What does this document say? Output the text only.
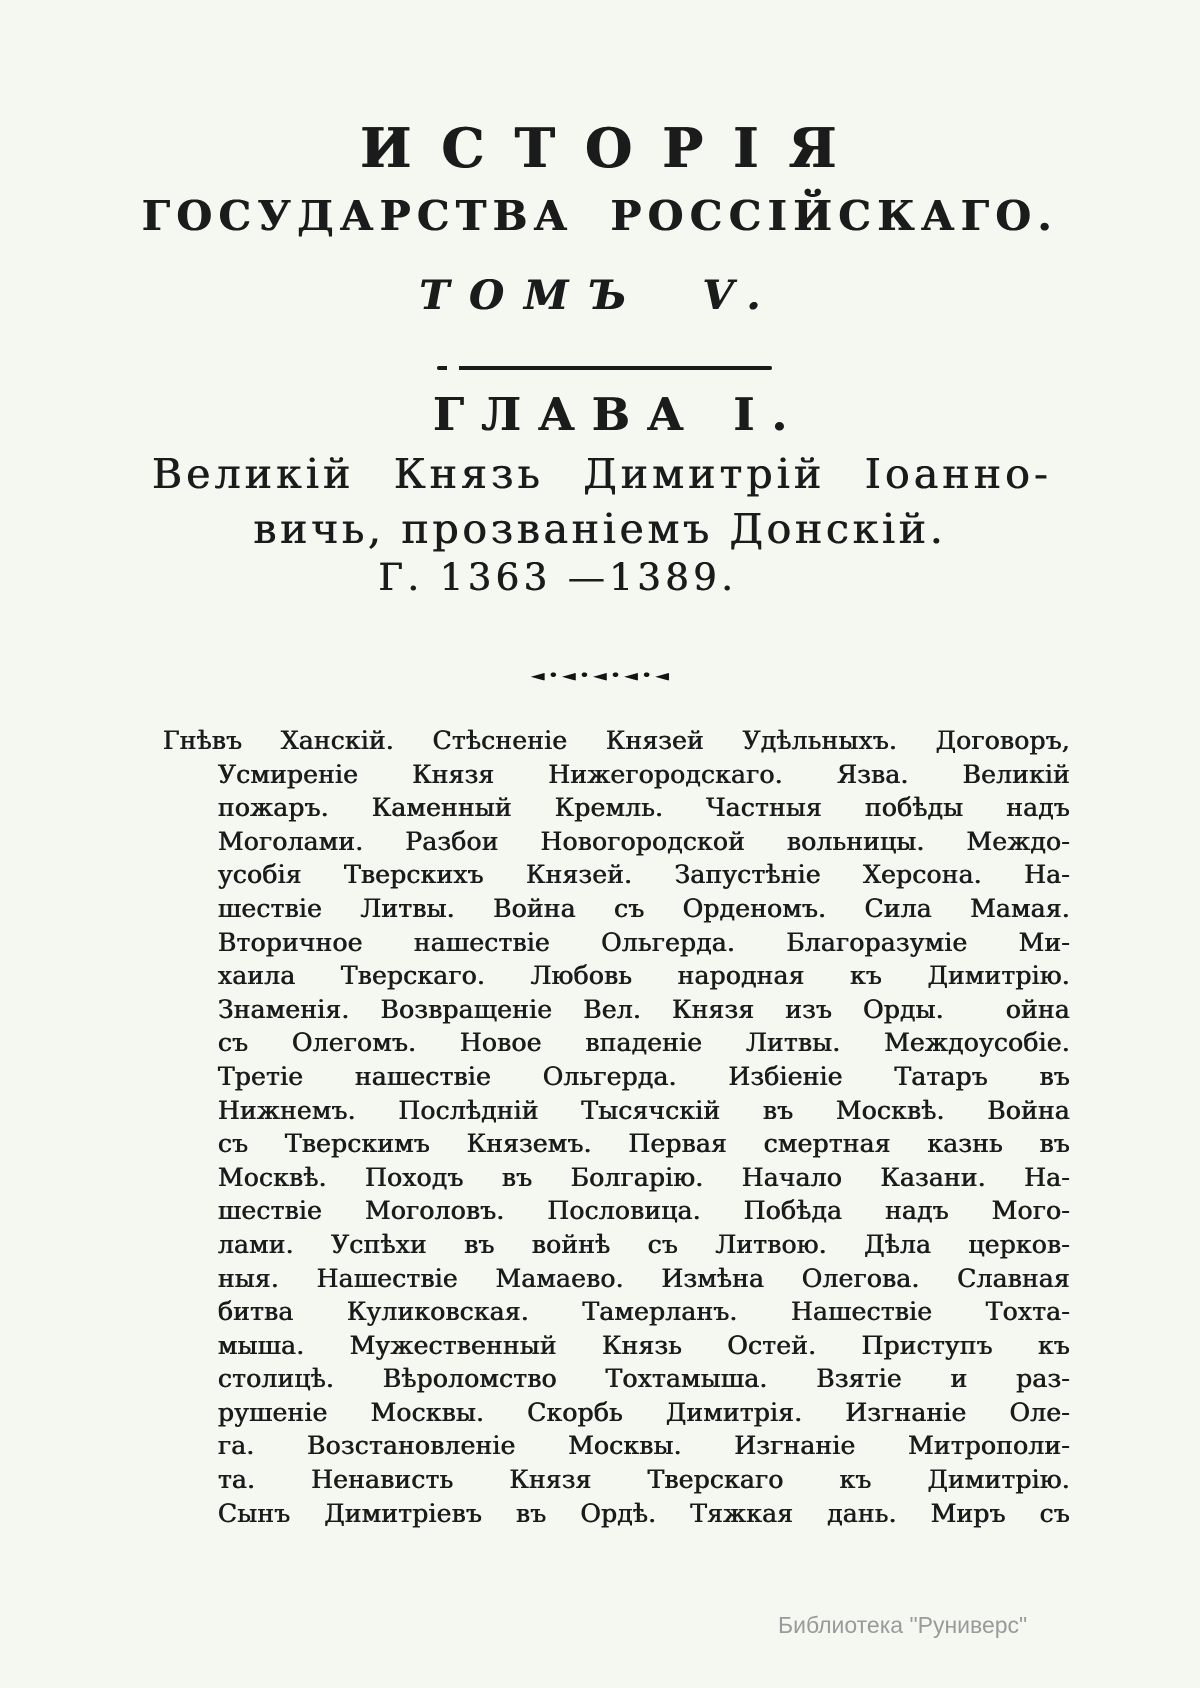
ИСТОРІЯ
ГОСУДАРСТВА РОССІЙСКАГО.
ТОМЪ V.
ГЛАВА I.
Великій Князь Димитрій Іоанно-
вичь, прозваніемъ Донскій.
Г. 1363 —1389.
◄•◄•◄•◄•◄
Гнѣвъ Ханскій. Стѣсненіе Князей Удѣльныхъ. Договоръ,
Усмиреніе Князя Нижегородскаго. Язва. Великій
пожаръ. Каменный Кремль. Частныя побѣды надъ
Моголами. Разбои Новогородской вольницы. Междо-
усобія Тверскихъ Князей. Запустѣніе Херсона. На-
шествіе Литвы. Война съ Орденомъ. Сила Мамая.
Вторичное нашествіе Ольгерда. Благоразуміе Ми-
хаила Тверскаго. Любовь народная къ Димитрію.
Знаменія. Возвращеніе Вел. Князя изъ Орды.  ойна
съ Олегомъ. Новое впаденіе Литвы. Междоусобіе.
Третіе нашествіе Ольгерда. Избіеніе Татаръ въ
Нижнемъ. Послѣдній Тысячскій въ Москвѣ. Война
съ Тверскимъ Княземъ. Первая смертная казнь въ
Москвѣ. Походъ въ Болгарію. Начало Казани. На-
шествіе Моголовъ. Пословица. Побѣда надъ Мого-
лами. Успѣхи въ войнѣ съ Литвою. Дѣла церков-
ныя. Нашествіе Мамаево. Измѣна Олегова. Славная
битва Куликовская. Тамерланъ. Нашествіе Тохта-
мыша. Мужественный Князь Остей. Приступъ къ
столицѣ. Вѣроломство Тохтамыша. Взятіе и раз-
рушеніе Москвы. Скорбь Димитрія. Изгнаніе Оле-
га. Возстановленіе Москвы. Изгнаніе Митрополи-
та. Ненависть Князя Тверскаго къ Димитрію.
Сынъ Димитріевъ въ Ордѣ. Тяжкая дань. Миръ съ
Библиотека "Руниверс"
